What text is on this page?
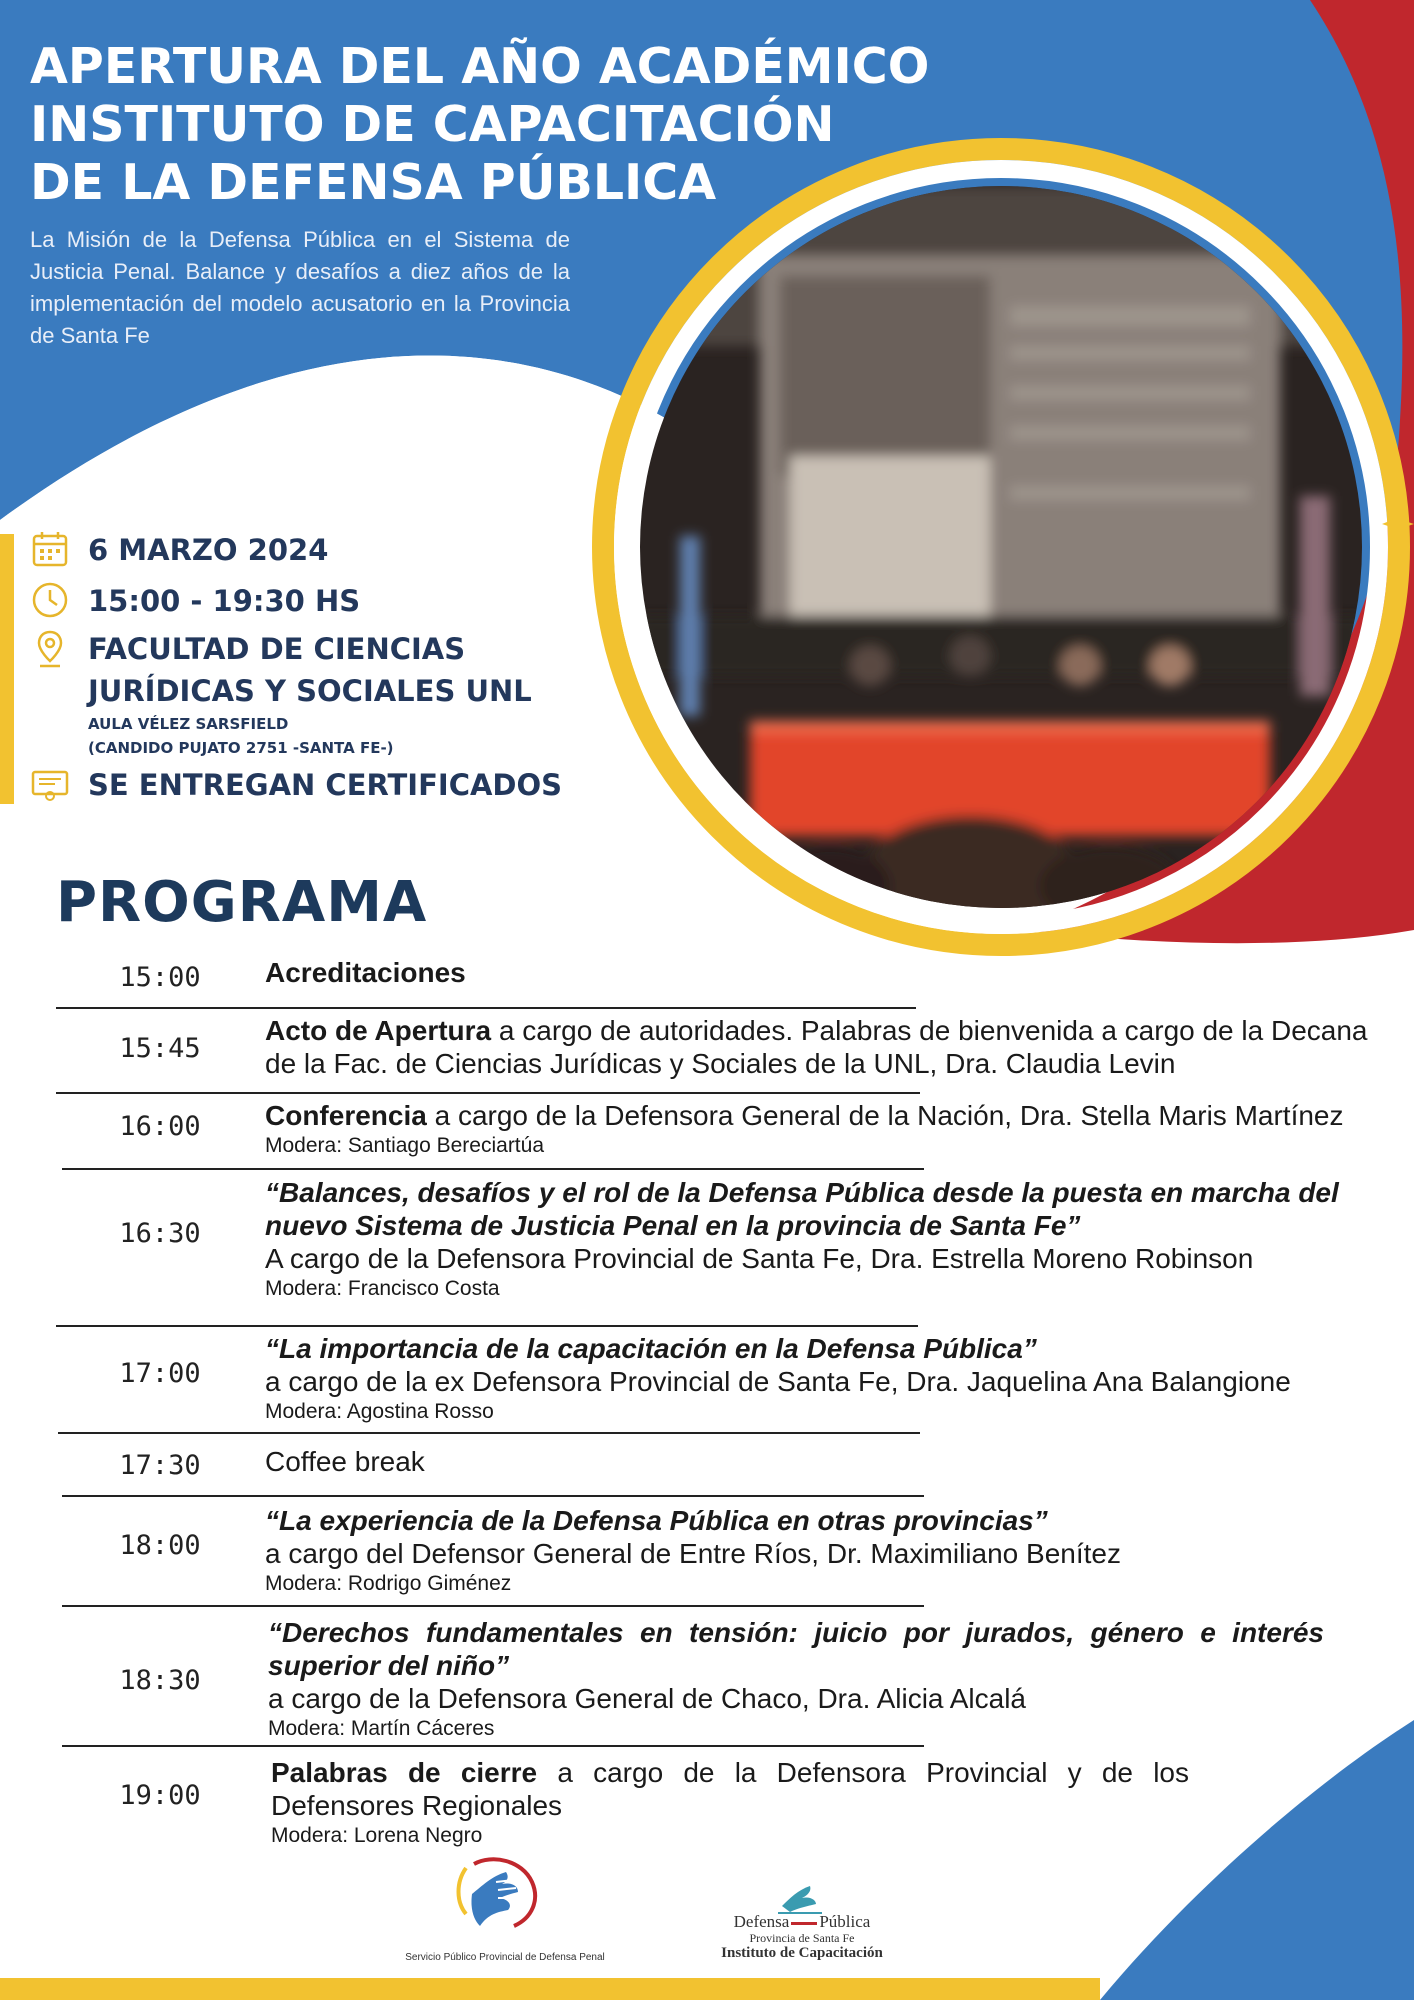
APERTURA DEL AÑO ACADÉMICO
INSTITUTO DE CAPACITACIÓN
DE LA DEFENSA PÚBLICA

La Misión de la Defensa Pública en el Sistema de Justicia Penal. Balance y desafíos a diez años de la implementación del modelo acusatorio en la Provincia de Santa Fe

6 MARZO 2024
15:00 - 19:30 HS
FACULTAD DE CIENCIAS
JURÍDICAS Y SOCIALES UNL
AULA VÉLEZ SARSFIELD
(CANDIDO PUJATO 2751 -SANTA FE-)
SE ENTREGAN CERTIFICADOS
PROGRAMA
15:00	Acreditaciones
15:45
Acto de Apertura a cargo de autoridades. Palabras de bienvenida a cargo de la Decana de la Fac. de Ciencias Jurídicas y Sociales de la UNL, Dra. Claudia Levin
16:00	Conferencia a cargo de la Defensora General de la Nación, Dra. Stella Maris Martínez
Modera: Santiago Bereciartúa
16:30
“Balances, desafíos y el rol de la Defensa Pública desde la puesta en marcha del nuevo Sistema de Justicia Penal en la provincia de Santa Fe”
A cargo de la Defensora Provincial de Santa Fe, Dra. Estrella Moreno Robinson
Modera: Francisco Costa
17:00
“La importancia de la capacitación en la Defensa Pública”
a cargo de la ex Defensora Provincial de Santa Fe, Dra. Jaquelina Ana Balangione
Modera: Agostina Rosso
17:30	Coffee break
18:00
“La experiencia de la Defensa Pública en otras provincias”
a cargo del Defensor General de Entre Ríos, Dr. Maximiliano Benítez
Modera: Rodrigo Giménez
18:30
“Derechos fundamentales en tensión: juicio por jurados, género e interés superior del niño”
a cargo de la Defensora General de Chaco, Dra. Alicia Alcalá
Modera: Martín Cáceres
19:00
Palabras de cierre a cargo de la Defensora Provincial y de los Defensores Regionales
Modera: Lorena Negro
Servicio Público Provincial de Defensa Penal
Defensa Pública
Provincia de Santa Fe
Instituto de Capacitación
